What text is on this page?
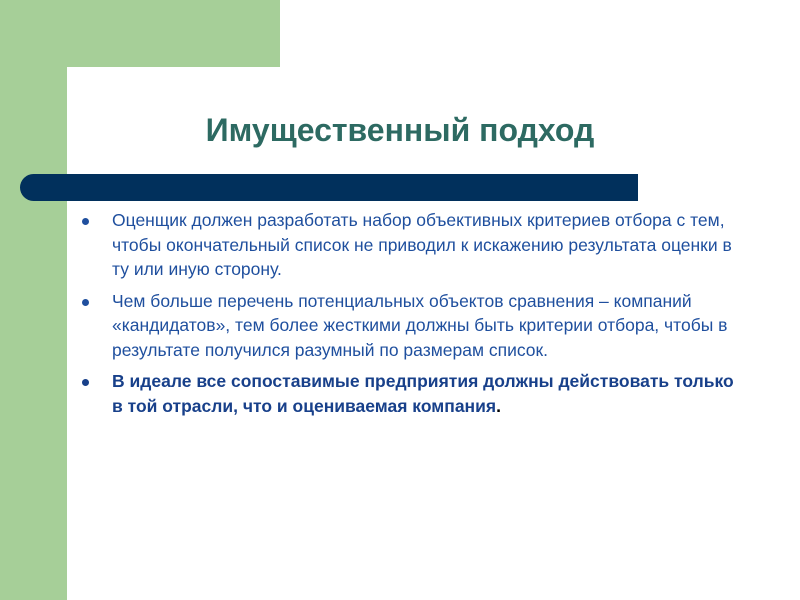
Имущественный подход
Оценщик должен разработать набор объективных критериев отбора с тем, чтобы окончательный список не приводил к искажению результата оценки в ту или иную сторону.
Чем больше перечень потенциальных объектов сравнения – компаний «кандидатов», тем более жесткими должны быть критерии отбора, чтобы в результате получился разумный по размерам список.
В идеале все сопоставимые предприятия должны действовать только в той отрасли, что и оцениваемая компания.
